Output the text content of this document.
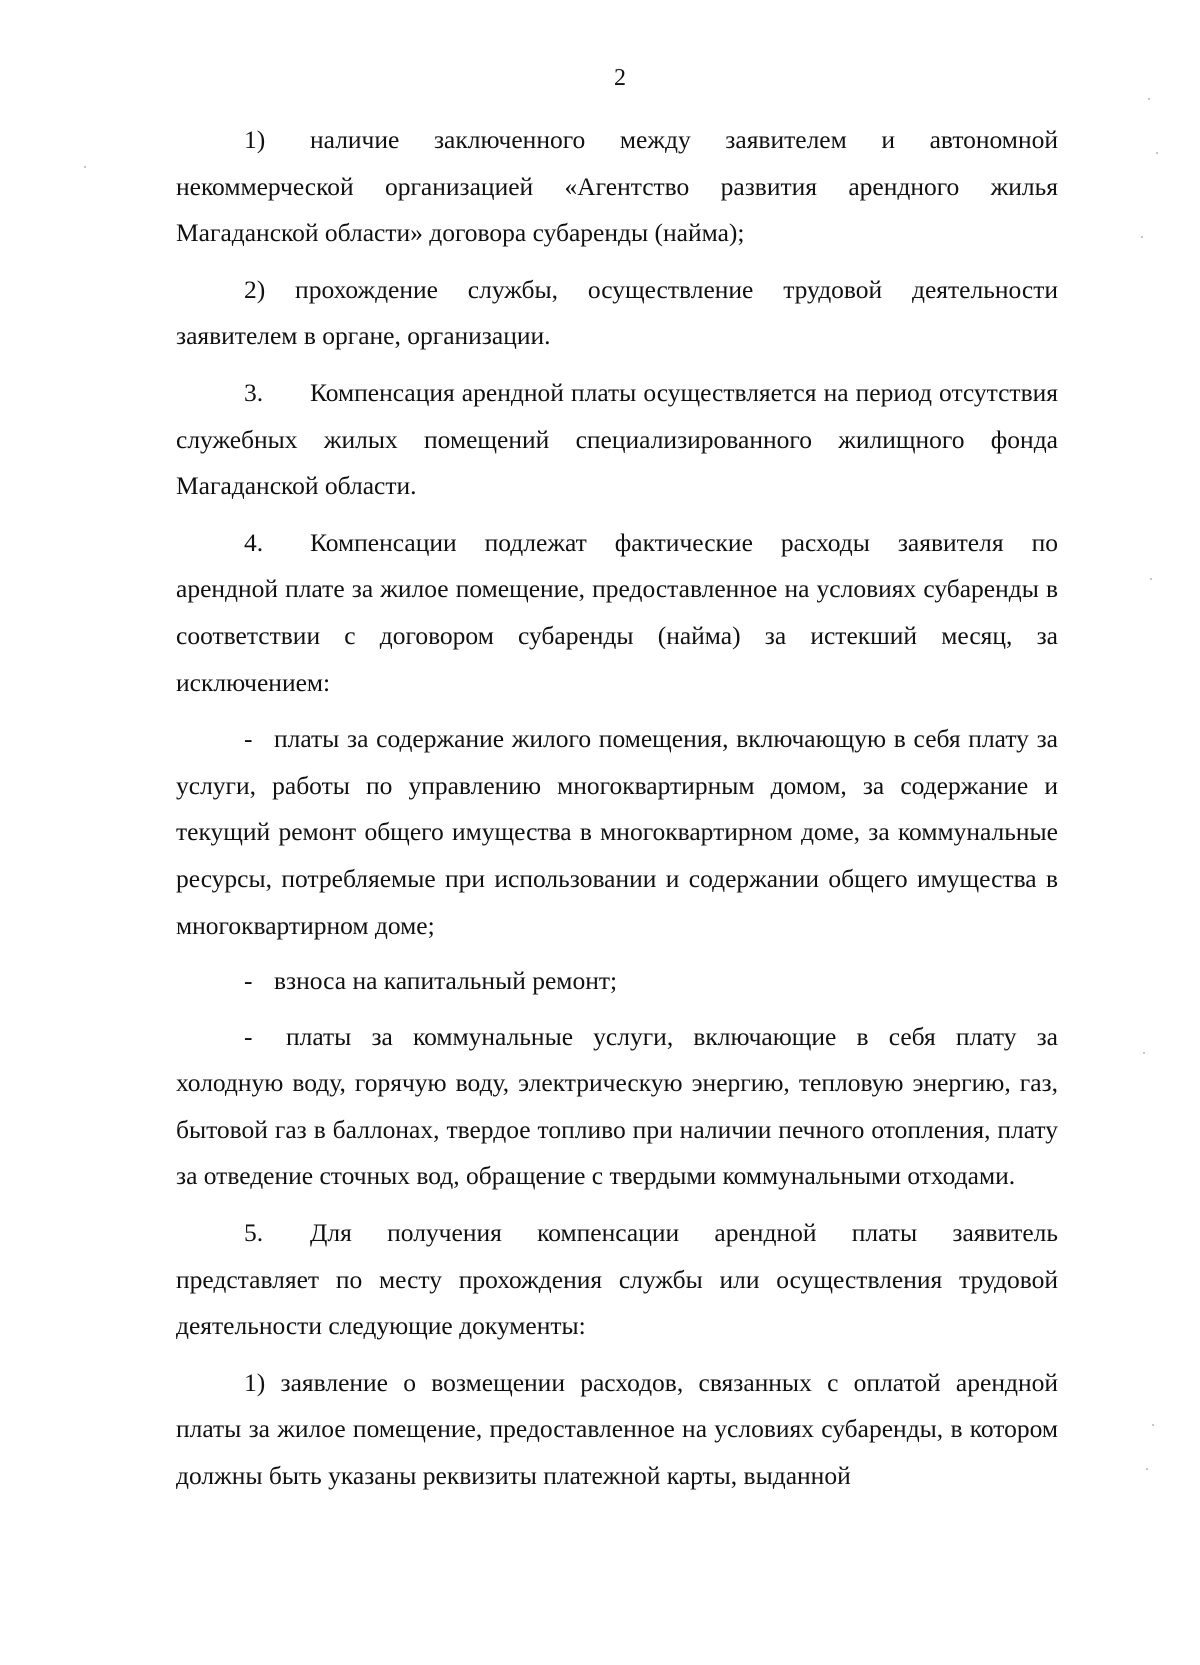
2

1) наличие заключенного между заявителем и автономной некоммерческой организацией «Агентство развития арендного жилья Магаданской области» договора субаренды (найма);

2) прохождение службы, осуществление трудовой деятельности заявителем в органе, организации.

3. Компенсация арендной платы осуществляется на период отсутствия служебных жилых помещений специализированного жилищного фонда Магаданской области.

4. Компенсации подлежат фактические расходы заявителя по арендной плате за жилое помещение, предоставленное на условиях субаренды в соответствии с договором субаренды (найма) за истекший месяц, за исключением:

- платы за содержание жилого помещения, включающую в себя плату за услуги, работы по управлению многоквартирным домом, за содержание и текущий ремонт общего имущества в многоквартирном доме, за коммунальные ресурсы, потребляемые при использовании и содержании общего имущества в многоквартирном доме;

- взноса на капитальный ремонт;

- платы за коммунальные услуги, включающие в себя плату за холодную воду, горячую воду, электрическую энергию, тепловую энергию, газ, бытовой газ в баллонах, твердое топливо при наличии печного отопления, плату за отведение сточных вод, обращение с твердыми коммунальными отходами.

5. Для получения компенсации арендной платы заявитель представляет по месту прохождения службы или осуществления трудовой деятельности следующие документы:

1) заявление о возмещении расходов, связанных с оплатой арендной платы за жилое помещение, предоставленное на условиях субаренды, в котором должны быть указаны реквизиты платежной карты, выданной
